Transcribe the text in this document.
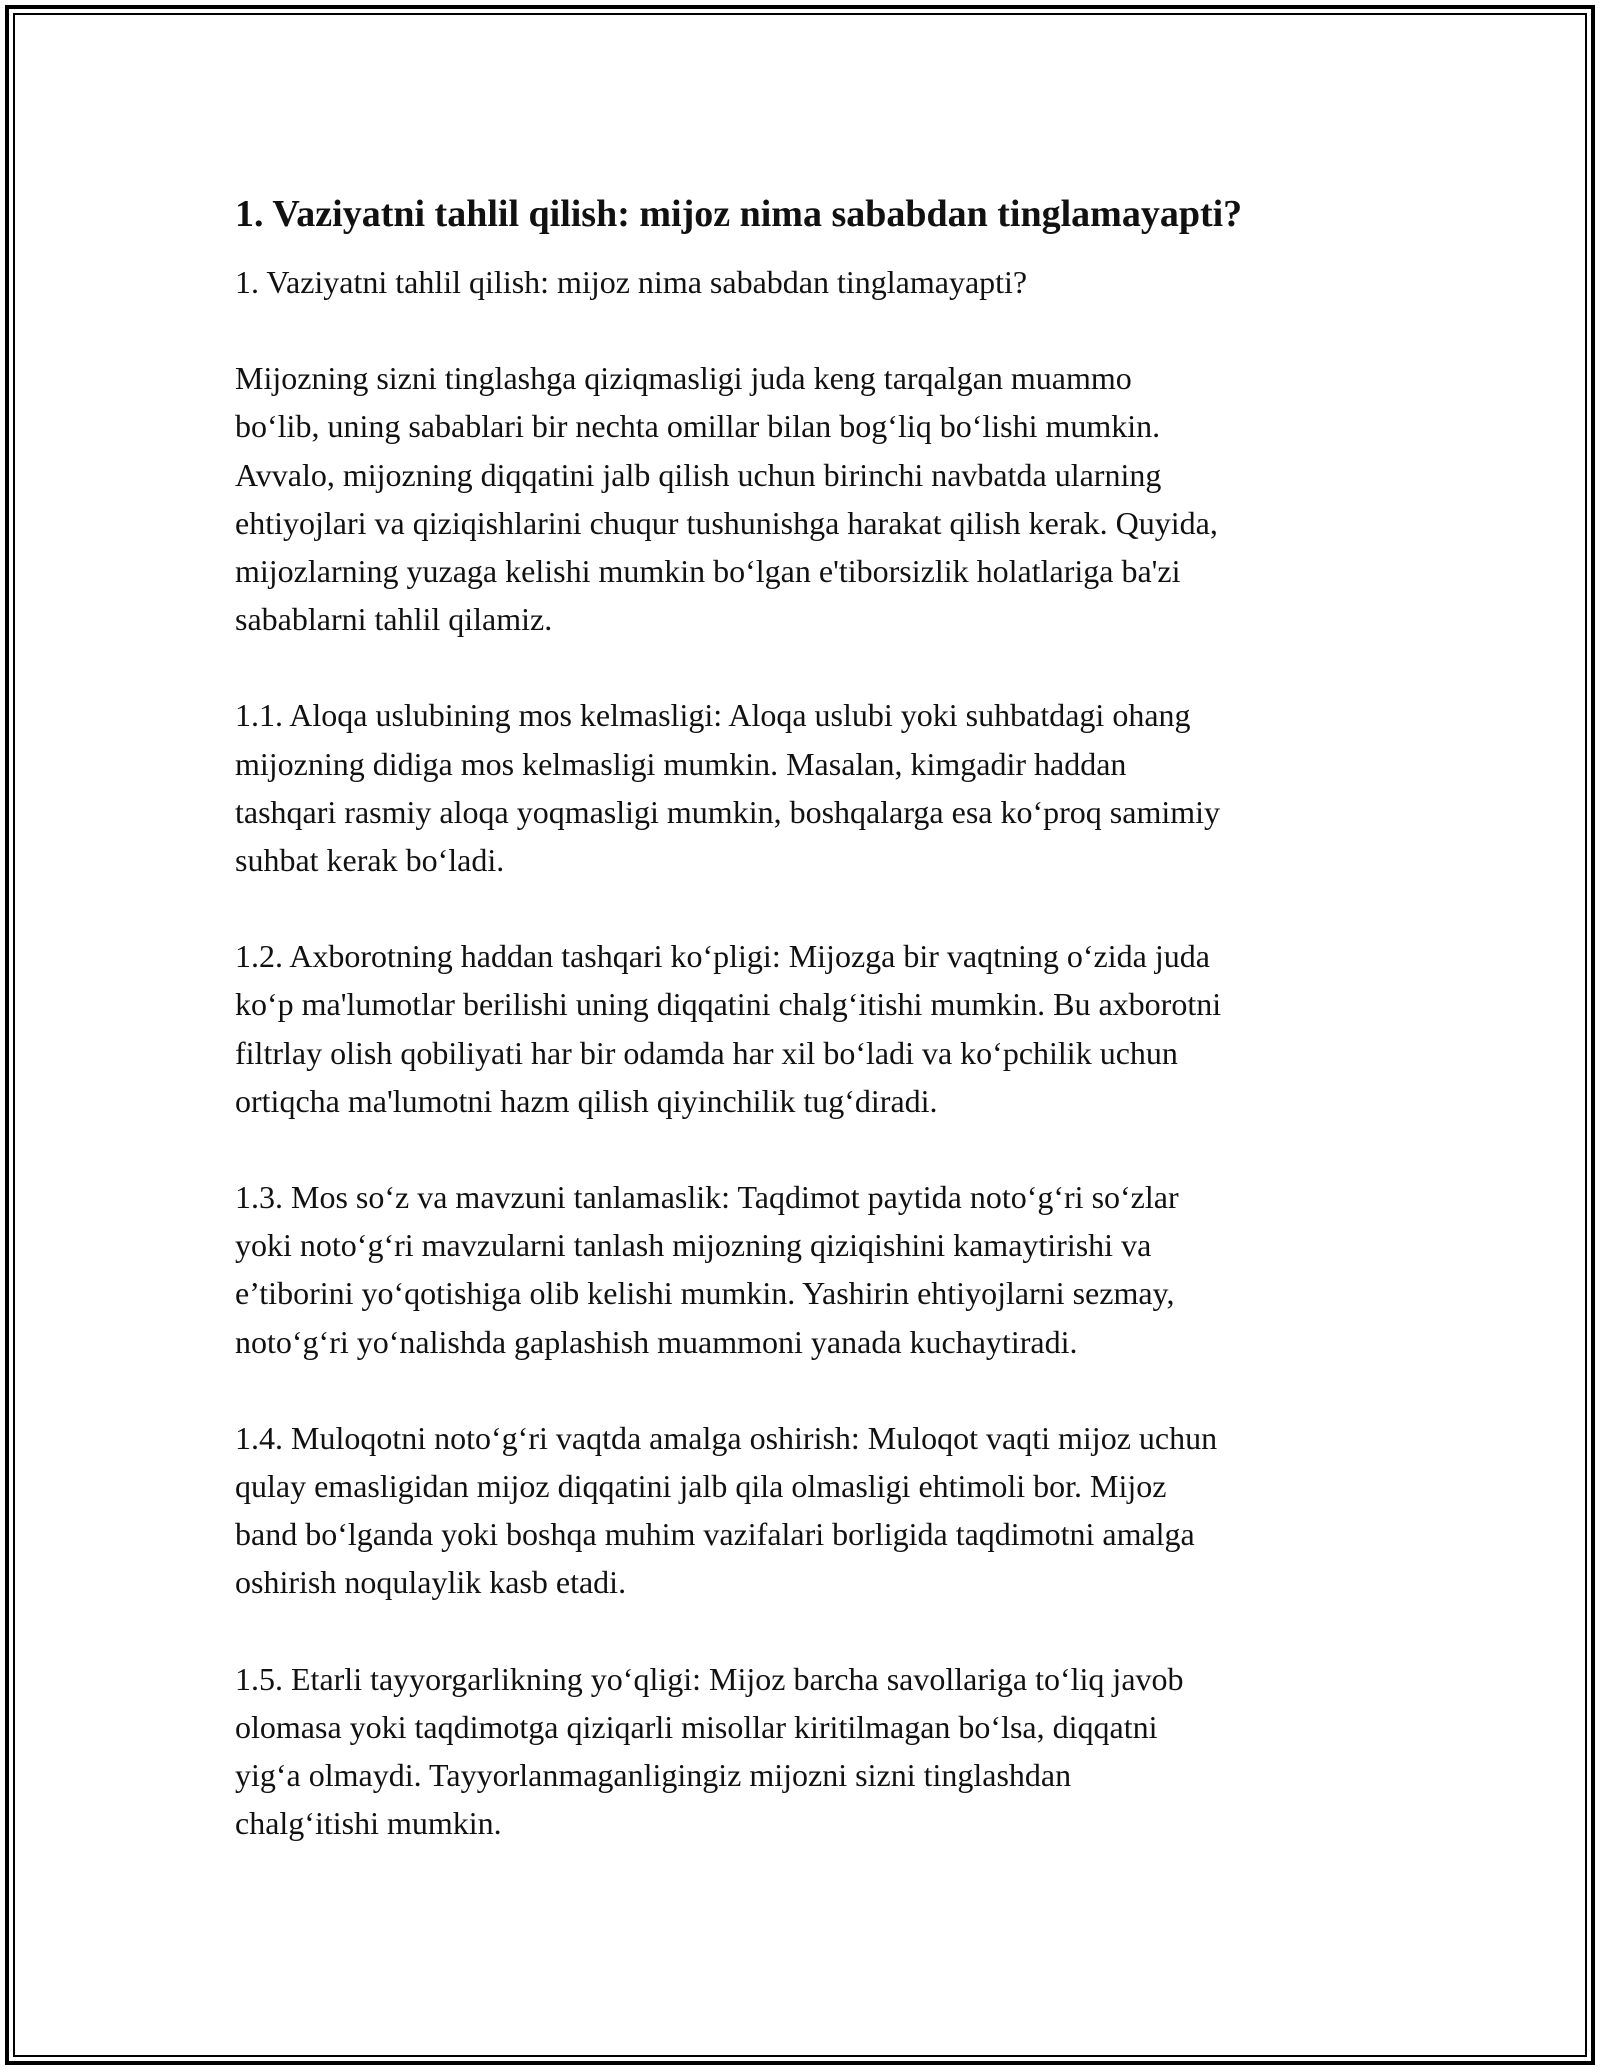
1. Vaziyatni tahlil qilish: mijoz nima sababdan tinglamayapti?

1. Vaziyatni tahlil qilish: mijoz nima sababdan tinglamayapti?

Mijozning sizni tinglashga qiziqmasligi juda keng tarqalgan muammo
bo‘lib, uning sabablari bir nechta omillar bilan bog‘liq bo‘lishi mumkin.
Avvalo, mijozning diqqatini jalb qilish uchun birinchi navbatda ularning
ehtiyojlari va qiziqishlarini chuqur tushunishga harakat qilish kerak. Quyida,
mijozlarning yuzaga kelishi mumkin bo‘lgan e'tiborsizlik holatlariga ba'zi
sabablarni tahlil qilamiz.

1.1. Aloqa uslubining mos kelmasligi: Aloqa uslubi yoki suhbatdagi ohang
mijozning didiga mos kelmasligi mumkin. Masalan, kimgadir haddan
tashqari rasmiy aloqa yoqmasligi mumkin, boshqalarga esa ko‘proq samimiy
suhbat kerak bo‘ladi.

1.2. Axborotning haddan tashqari ko‘pligi: Mijozga bir vaqtning o‘zida juda
ko‘p ma'lumotlar berilishi uning diqqatini chalg‘itishi mumkin. Bu axborotni
filtrlay olish qobiliyati har bir odamda har xil bo‘ladi va ko‘pchilik uchun
ortiqcha ma'lumotni hazm qilish qiyinchilik tug‘diradi.

1.3. Mos so‘z va mavzuni tanlamaslik: Taqdimot paytida noto‘g‘ri so‘zlar
yoki noto‘g‘ri mavzularni tanlash mijozning qiziqishini kamaytirishi va
e’tiborini yo‘qotishiga olib kelishi mumkin. Yashirin ehtiyojlarni sezmay,
noto‘g‘ri yo‘nalishda gaplashish muammoni yanada kuchaytiradi.

1.4. Muloqotni noto‘g‘ri vaqtda amalga oshirish: Muloqot vaqti mijoz uchun
qulay emasligidan mijoz diqqatini jalb qila olmasligi ehtimoli bor. Mijoz
band bo‘lganda yoki boshqa muhim vazifalari borligida taqdimotni amalga
oshirish noqulaylik kasb etadi.

1.5. Etarli tayyorgarlikning yo‘qligi: Mijoz barcha savollariga to‘liq javob
olomasa yoki taqdimotga qiziqarli misollar kiritilmagan bo‘lsa, diqqatni
yig‘a olmaydi. Tayyorlanmaganligingiz mijozni sizni tinglashdan
chalg‘itishi mumkin.
